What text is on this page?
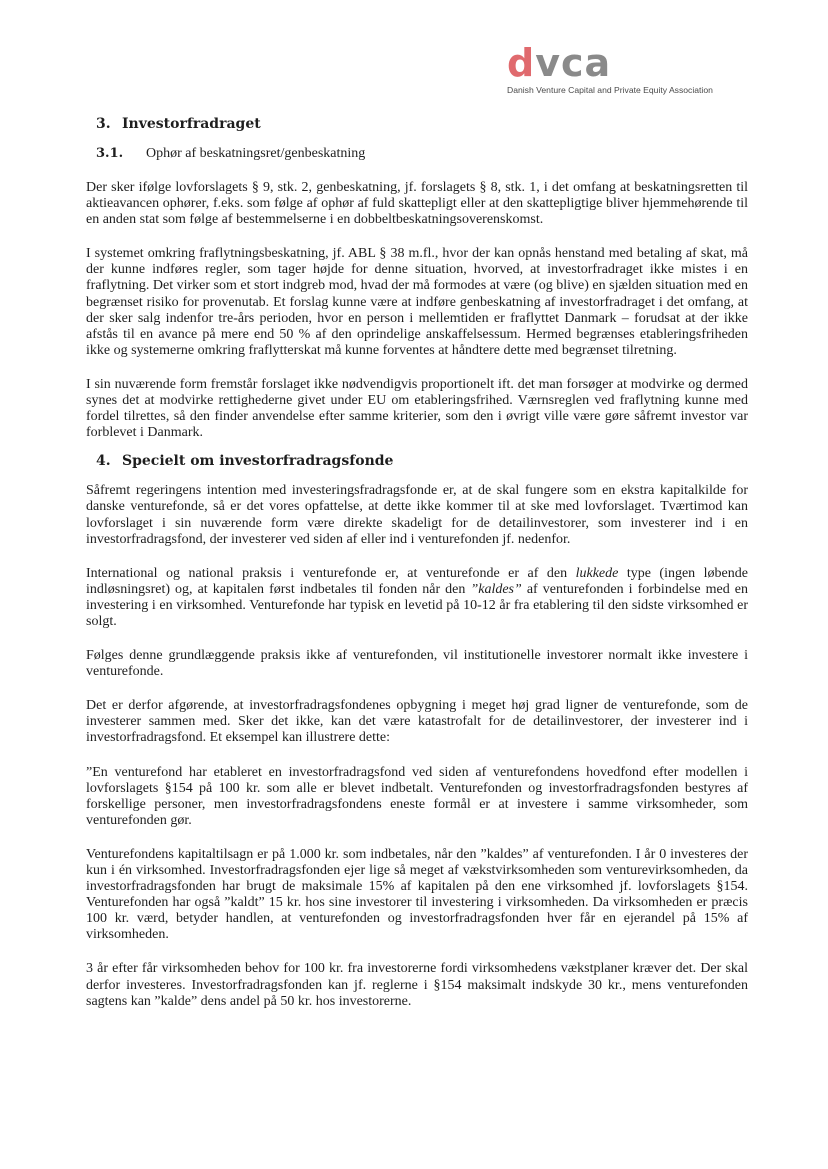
dvca
Danish Venture Capital and Private Equity Association
3. Investorfradraget
3.1. Ophør af beskatningsret/genbeskatning

Der sker ifølge lovforslagets § 9, stk. 2, genbeskatning, jf. forslagets § 8, stk. 1, i det omfang at beskatningsretten til aktieavancen ophører, f.eks. som følge af ophør af fuld skattepligt eller at den skattepligtige bliver hjemmehørende til en anden stat som følge af bestemmelserne i en dobbeltbeskatningsoverenskomst.

I systemet omkring fraflytningsbeskatning, jf. ABL § 38 m.fl., hvor der kan opnås henstand med betaling af skat, må der kunne indføres regler, som tager højde for denne situation, hvorved, at investorfradraget ikke mistes i en fraflytning. Det virker som et stort indgreb mod, hvad der må formodes at være (og blive) en sjælden situation med en begrænset risiko for provenutab. Et forslag kunne være at indføre genbeskatning af investorfradraget i det omfang, at der sker salg indenfor tre-års perioden, hvor en person i mellemtiden er fraflyttet Danmark – forudsat at der ikke afstås til en avance på mere end 50 % af den oprindelige anskaffelsessum. Hermed begrænses etableringsfriheden ikke og systemerne omkring fraflytterskat må kunne forventes at håndtere dette med begrænset tilretning.

I sin nuværende form fremstår forslaget ikke nødvendigvis proportionelt ift. det man forsøger at modvirke og dermed synes det at modvirke rettighederne givet under EU om etableringsfrihed. Værnsreglen ved fraflytning kunne med fordel tilrettes, så den finder anvendelse efter samme kriterier, som den i øvrigt ville være gøre såfremt investor var forblevet i Danmark.

4. Specielt om investorfradragsfonde

Såfremt regeringens intention med investeringsfradragsfonde er, at de skal fungere som en ekstra kapitalkilde for danske venturefonde, så er det vores opfattelse, at dette ikke kommer til at ske med lovforslaget. Tværtimod kan lovforslaget i sin nuværende form være direkte skadeligt for de detailinvestorer, som investerer ind i en investorfradragsfond, der investerer ved siden af eller ind i venturefonden jf. nedenfor.

International og national praksis i venturefonde er, at venturefonde er af den lukkede type (ingen løbende indløsningsret) og, at kapitalen først indbetales til fonden når den ”kaldes” af venturefonden i forbindelse med en investering i en virksomhed. Venturefonde har typisk en levetid på 10-12 år fra etablering til den sidste virksomhed er solgt.

Følges denne grundlæggende praksis ikke af venturefonden, vil institutionelle investorer normalt ikke investere i venturefonde.

Det er derfor afgørende, at investorfradragsfondenes opbygning i meget høj grad ligner de venturefonde, som de investerer sammen med. Sker det ikke, kan det være katastrofalt for de detailinvestorer, der investerer ind i investorfradragsfond. Et eksempel kan illustrere dette:

”En venturefond har etableret en investorfradragsfond ved siden af venturefondens hovedfond efter modellen i lovforslagets §154 på 100 kr. som alle er blevet indbetalt. Venturefonden og investorfradragsfonden bestyres af forskellige personer, men investorfradragsfondens eneste formål er at investere i samme virksomheder, som venturefonden gør.

Venturefondens kapitaltilsagn er på 1.000 kr. som indbetales, når den ”kaldes” af venturefonden. I år 0 investeres der kun i én virksomhed. Investorfradragsfonden ejer lige så meget af vækstvirksomheden som venturevirksomheden, da investorfradragsfonden har brugt de maksimale 15% af kapitalen på den ene virksomhed jf. lovforslagets §154. Venturefonden har også ”kaldt” 15 kr. hos sine investorer til investering i virksomheden. Da virksomheden er præcis 100 kr. værd, betyder handlen, at venturefonden og investorfradragsfonden hver får en ejerandel på 15% af virksomheden.

3 år efter får virksomheden behov for 100 kr. fra investorerne fordi virksomhedens vækstplaner kræver det. Der skal derfor investeres. Investorfradragsfonden kan jf. reglerne i §154 maksimalt indskyde 30 kr., mens venturefonden sagtens kan ”kalde” dens andel på 50 kr. hos investorerne.
